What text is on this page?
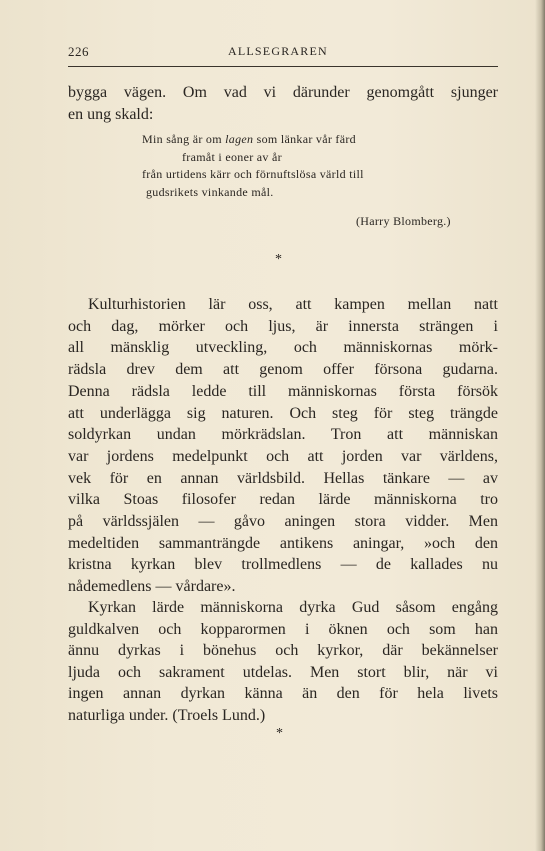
226	ALLSEGRAREN
bygga vägen. Om vad vi därunder genomgått sjunger
en ung skald:
Min sång är om lagen som länkar vår färd
framåt i eoner av år
från urtidens kärr och förnuftslösa värld till
gudsrikets vinkande mål.
(Harry Blomberg.)
*
Kulturhistorien lär oss, att kampen mellan natt
och dag, mörker och ljus, är innersta strängen i
all mänsklig utveckling, och människornas mörk-
rädsla drev dem att genom offer försona gudarna.
Denna rädsla ledde till människornas första försök
att underlägga sig naturen. Och steg för steg trängde
soldyrkan undan mörkrädslan. Tron att människan
var jordens medelpunkt och att jorden var världens,
vek för en annan världsbild. Hellas tänkare — av
vilka Stoas filosofer redan lärde människorna tro
på världssjälen — gåvo aningen stora vidder. Men
medeltiden sammanträngde antikens aningar, »och den
kristna kyrkan blev trollmedlens — de kallades nu
nådemedlens — vårdare».
Kyrkan lärde människorna dyrka Gud såsom engång
guldkalven och kopparormen i öknen och som han
ännu dyrkas i bönehus och kyrkor, där bekännelser
ljuda och sakrament utdelas. Men stort blir, när vi
ingen annan dyrkan känna än den för hela livets
naturliga under. (Troels Lund.)
*
